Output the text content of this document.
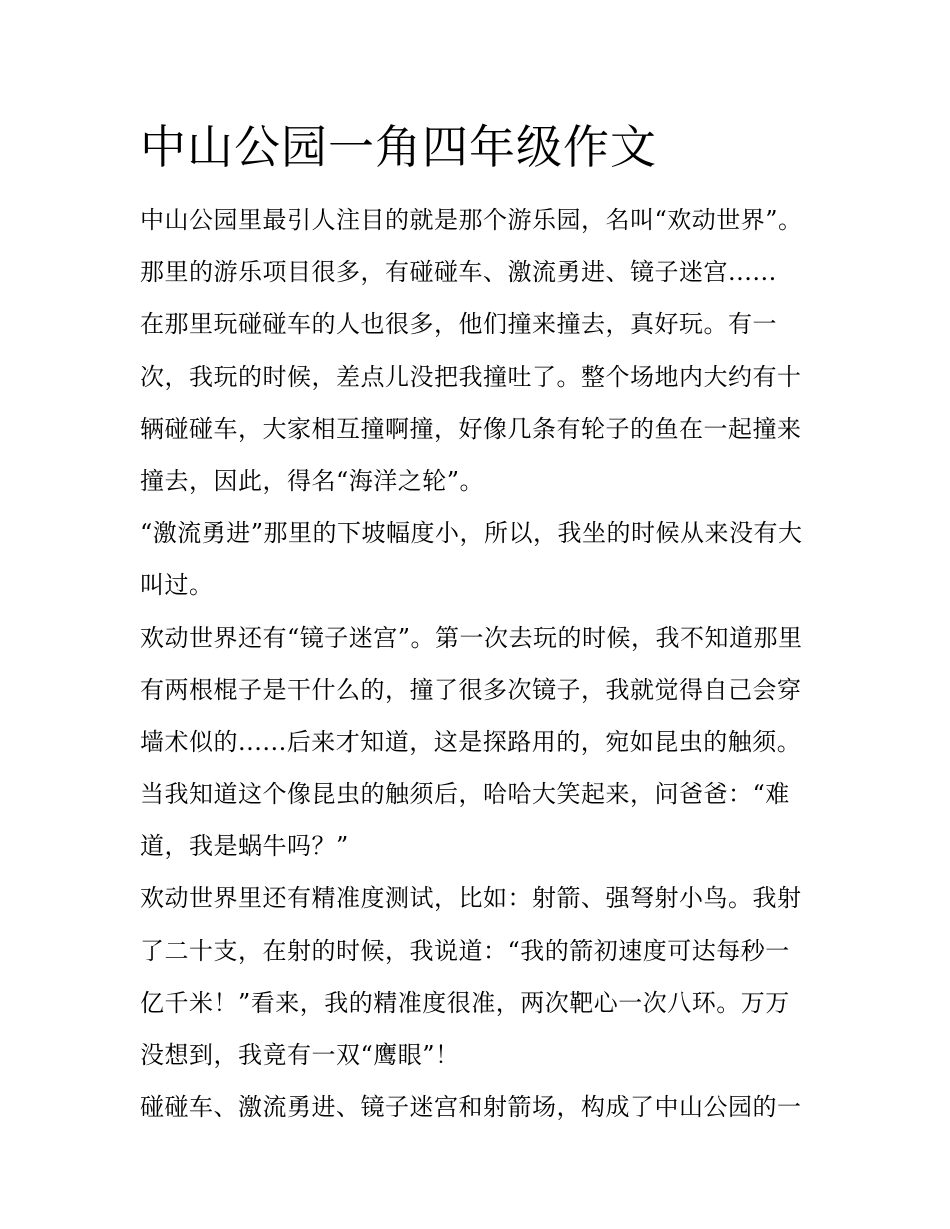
中山公园一角四年级作文

中山公园里最引人注目的就是那个游乐园，名叫“欢动世界”。
那里的游乐项目很多，有碰碰车、激流勇进、镜子迷宫......

在那里玩碰碰车的人也很多，他们撞来撞去，真好玩。有一
次，我玩的时候，差点儿没把我撞吐了。整个场地内大约有十
辆碰碰车，大家相互撞啊撞，好像几条有轮子的鱼在一起撞来
撞去，因此，得名“海洋之轮”。

“激流勇进”那里的下坡幅度小，所以，我坐的时候从来没有大
叫过。

欢动世界还有“镜子迷宫”。第一次去玩的时候，我不知道那里
有两根棍子是干什么的，撞了很多次镜子，我就觉得自己会穿
墙术似的......后来才知道，这是探路用的，宛如昆虫的触须。
当我知道这个像昆虫的触须后，哈哈大笑起来，问爸爸：“难
道，我是蜗牛吗？”

欢动世界里还有精准度测试，比如：射箭、强弩射小鸟。我射
了二十支，在射的时候，我说道：“我的箭初速度可达每秒一
亿千米！”看来，我的精准度很准，两次靶心一次八环。万万
没想到，我竟有一双“鹰眼”！

碰碰车、激流勇进、镜子迷宫和射箭场，构成了中山公园的一
